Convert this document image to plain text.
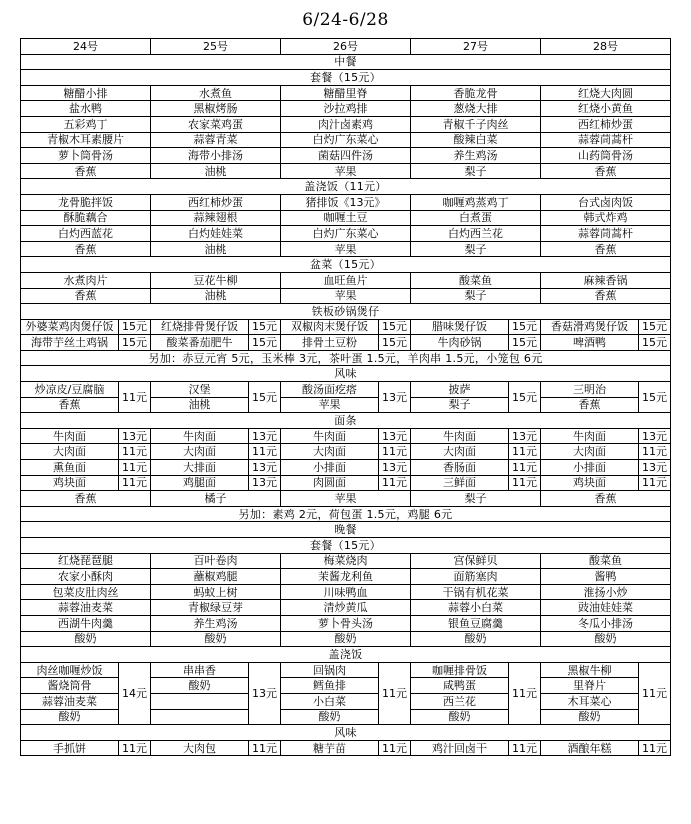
6/24-6/28
24号		25号		26号		27号		28号	
中餐									
套餐（15元）									
糖醋小排		水煮鱼		糖醋里脊		香脆龙骨		红烧大肉圆	
盐水鸭		黑椒烤肠		沙拉鸡排		葱烧大排		红烧小黄鱼	
五彩鸡丁		农家菜鸡蛋		肉汁卤素鸡		青椒千子肉丝		西红柿炒蛋	
青椒木耳素腰片		蒜蓉青菜		白灼广东菜心		酸辣白菜		蒜蓉茼蒿杆	
萝卜筒骨汤		海带小排汤		菌菇四件汤		养生鸡汤		山药筒骨汤	
香蕉		油桃		苹果		梨子		香蕉	
盖浇饭（11元）									
龙骨脆拌饭		西红柿炒蛋		猪排饭《13元》		咖喱鸡蒸鸡丁		台式卤肉饭	
酥脆藕合		蒜辣翅根		咖喱土豆		白煮蛋		韩式炸鸡	
白灼西蓝花		白灼娃娃菜		白灼广东菜心		白灼西兰花		蒜蓉茼蒿杆	
香蕉		油桃		苹果		梨子		香蕉	
盆菜（15元）									
水煮肉片		豆花牛柳		血旺鱼片		酸菜鱼		麻辣香锅	
香蕉		油桃		苹果		梨子		香蕉	
铁板砂锅煲仔									
外婆菜鸡肉煲仔饭	15元	红烧排骨煲仔饭	15元	双椒肉末煲仔饭	15元	腊味煲仔饭	15元	香菇滑鸡煲仔饭	15元
海带芋丝土鸡锅	15元	酸菜番茄肥牛	15元	排骨土豆粉	15元	牛肉砂锅	15元	啤酒鸭	15元
另加：赤豆元宵 5元，玉米棒 3元，茶叶蛋 1.5元，羊肉串 1.5元，小笼包 6元									
风味									
炒凉皮/豆腐脑	11元	汉堡	15元	酸汤面疙瘩	13元	披萨	15元	三明治	15元
香蕉		油桃		苹果		梨子		香蕉	
面条									
牛肉面	13元	牛肉面	13元	牛肉面	13元	牛肉面	13元	牛肉面	13元
大肉面	11元	大肉面	11元	大肉面	11元	大肉面	11元	大肉面	11元
熏鱼面	11元	大排面	13元	小排面	13元	香肠面	11元	小排面	13元
鸡块面	11元	鸡腿面	13元	肉圆面	11元	三鲜面	11元	鸡块面	11元
香蕉		橘子		苹果		梨子		香蕉	
另加：素鸡 2元，荷包蛋 1.5元，鸡腿 6元									
晚餐									
套餐（15元）									
红烧琵琶腿		百叶卷肉		梅菜烧肉		宫保鲜贝		酸菜鱼	
农家小酥肉		蘸椒鸡腿		茉酱龙利鱼		面筋塞肉		酱鸭	
包菜皮肚肉丝		蚂蚁上树		川味鸭血		干锅有机花菜		淮扬小炒	
蒜蓉油麦菜		青椒绿豆芽		清炒黄瓜		蒜蓉小白菜		豉油娃娃菜	
西湖牛肉羹		养生鸡汤		萝卜骨头汤		银鱼豆腐羹		冬瓜小排汤	
酸奶		酸奶		酸奶		酸奶		酸奶	
盖浇饭									
肉丝咖喱炒饭	14元	串串香	13元	回锅肉	11元	咖喱排骨饭	11元	黑椒牛柳	11元
酱烧筒骨		酸奶		鳕鱼排		咸鸭蛋		里脊片	
蒜蓉油麦菜				小白菜		西兰花		木耳菜心	
酸奶				酸奶		酸奶		酸奶	
风味									
手抓饼	11元	大肉包	11元	糖芋苗	11元	鸡汁回卤干	11元	酒酿年糕	11元
